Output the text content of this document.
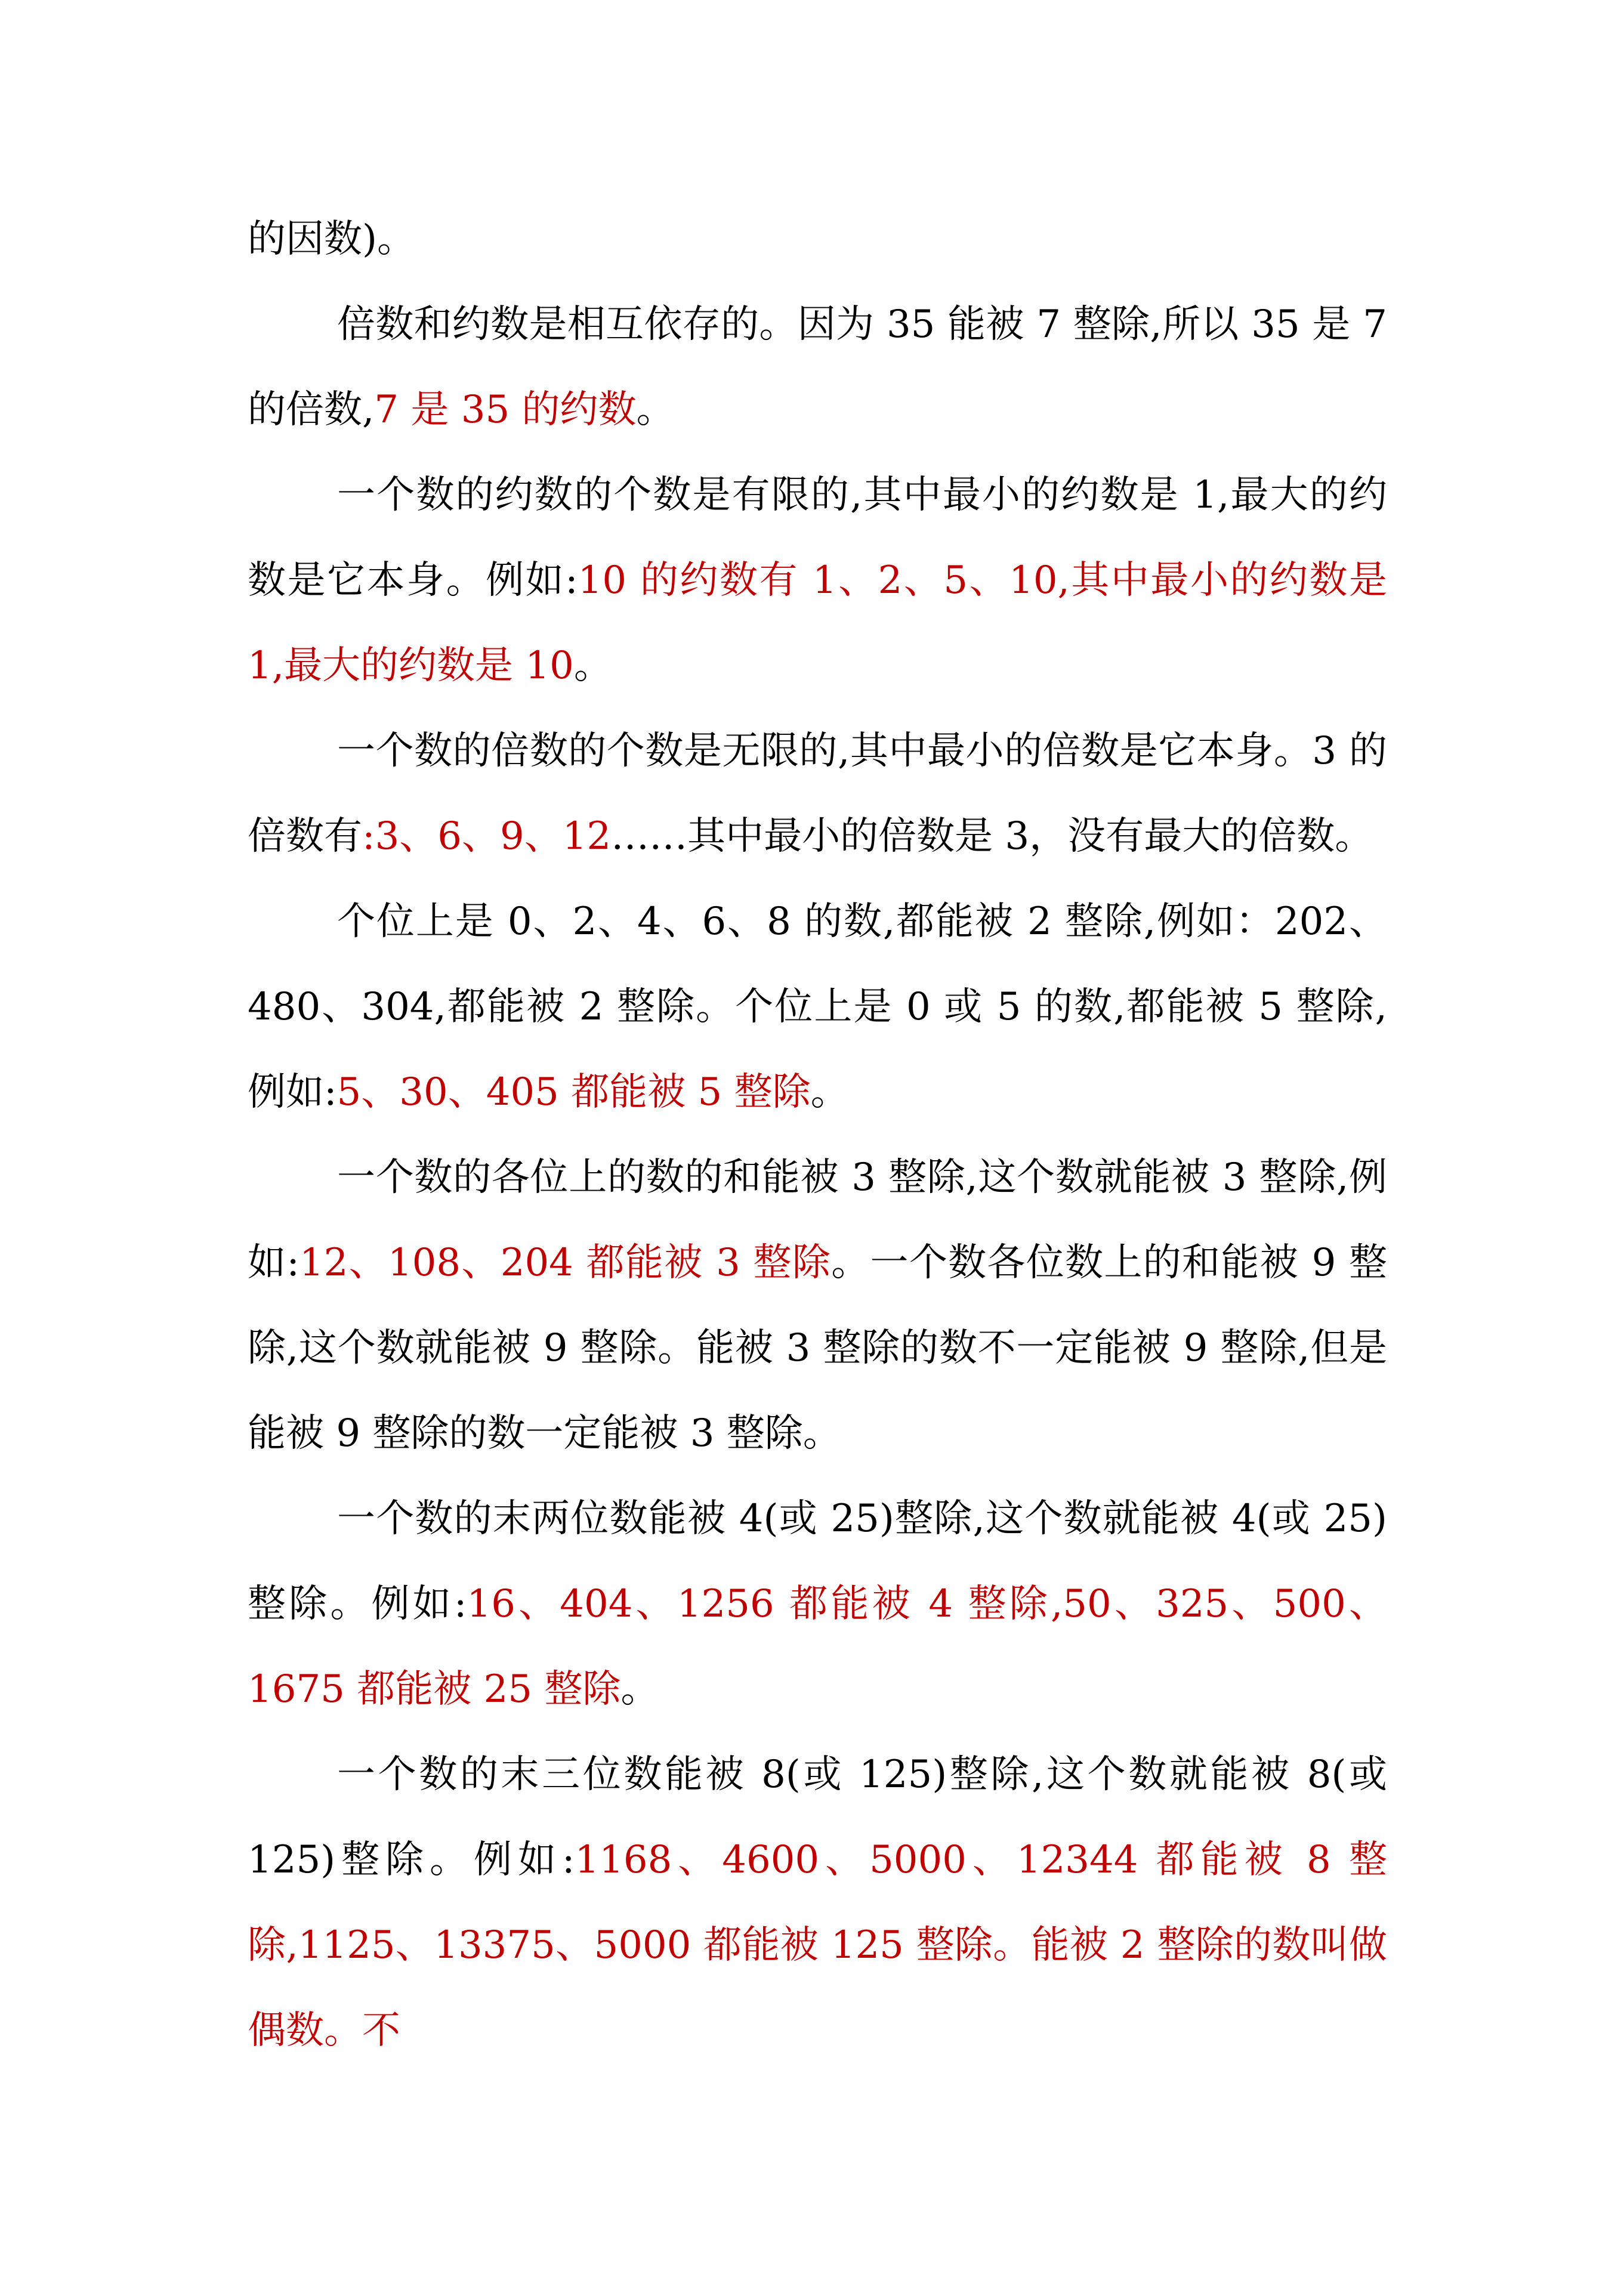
的因数)。

倍数和约数是相互依存的。因为 35 能被 7 整除,所以 35 是 7 的倍数,7 是 35 的约数。

一个数的约数的个数是有限的,其中最小的约数是 1,最大的约数是它本身。例如:10 的约数有 1、2、5、10,其中最小的约数是 1,最大的约数是 10。

一个数的倍数的个数是无限的,其中最小的倍数是它本身。3 的倍数有:3、6、9、12……其中最小的倍数是 3，没有最大的倍数。

个位上是 0、2、4、6、8 的数,都能被 2 整除,例如：202、480、304,都能被 2 整除。个位上是 0 或 5 的数,都能被 5 整除,例如:5、30、405 都能被 5 整除。

一个数的各位上的数的和能被 3 整除,这个数就能被 3 整除,例如:12、108、204 都能被 3 整除。一个数各位数上的和能被 9 整除,这个数就能被 9 整除。能被 3 整除的数不一定能被 9 整除,但是能被 9 整除的数一定能被 3 整除。

一个数的末两位数能被 4(或 25)整除,这个数就能被 4(或 25)整除。例如:16、404、1256 都能被 4 整除,50、325、500、1675 都能被 25 整除。

一个数的末三位数能被 8(或 125)整除,这个数就能被 8(或 125)整除。例如:1168、4600、5000、12344 都能被 8 整除,1125、13375、5000 都能被 125 整除。能被 2 整除的数叫做偶数。不
